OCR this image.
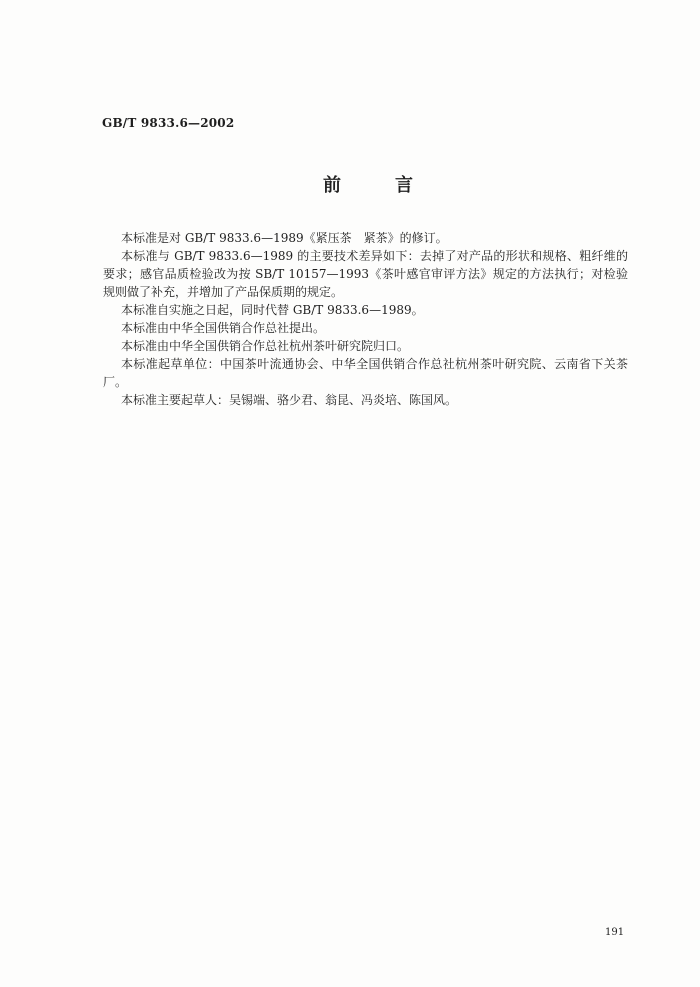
GB/T 9833.6—2002
前　　言

本标准是对 GB/T 9833.6—1989《紧压茶　紧茶》的修订。

本标准与 GB/T 9833.6—1989 的主要技术差异如下：去掉了对产品的形状和规格、粗纤维的要求；感官品质检验改为按 SB/T 10157—1993《茶叶感官审评方法》规定的方法执行；对检验规则做了补充，并增加了产品保质期的规定。

本标准自实施之日起，同时代替 GB/T 9833.6—1989。

本标准由中华全国供销合作总社提出。

本标准由中华全国供销合作总社杭州茶叶研究院归口。

本标准起草单位：中国茶叶流通协会、中华全国供销合作总社杭州茶叶研究院、云南省下关茶厂。

本标准主要起草人：吴锡端、骆少君、翁昆、冯炎培、陈国风。

191
